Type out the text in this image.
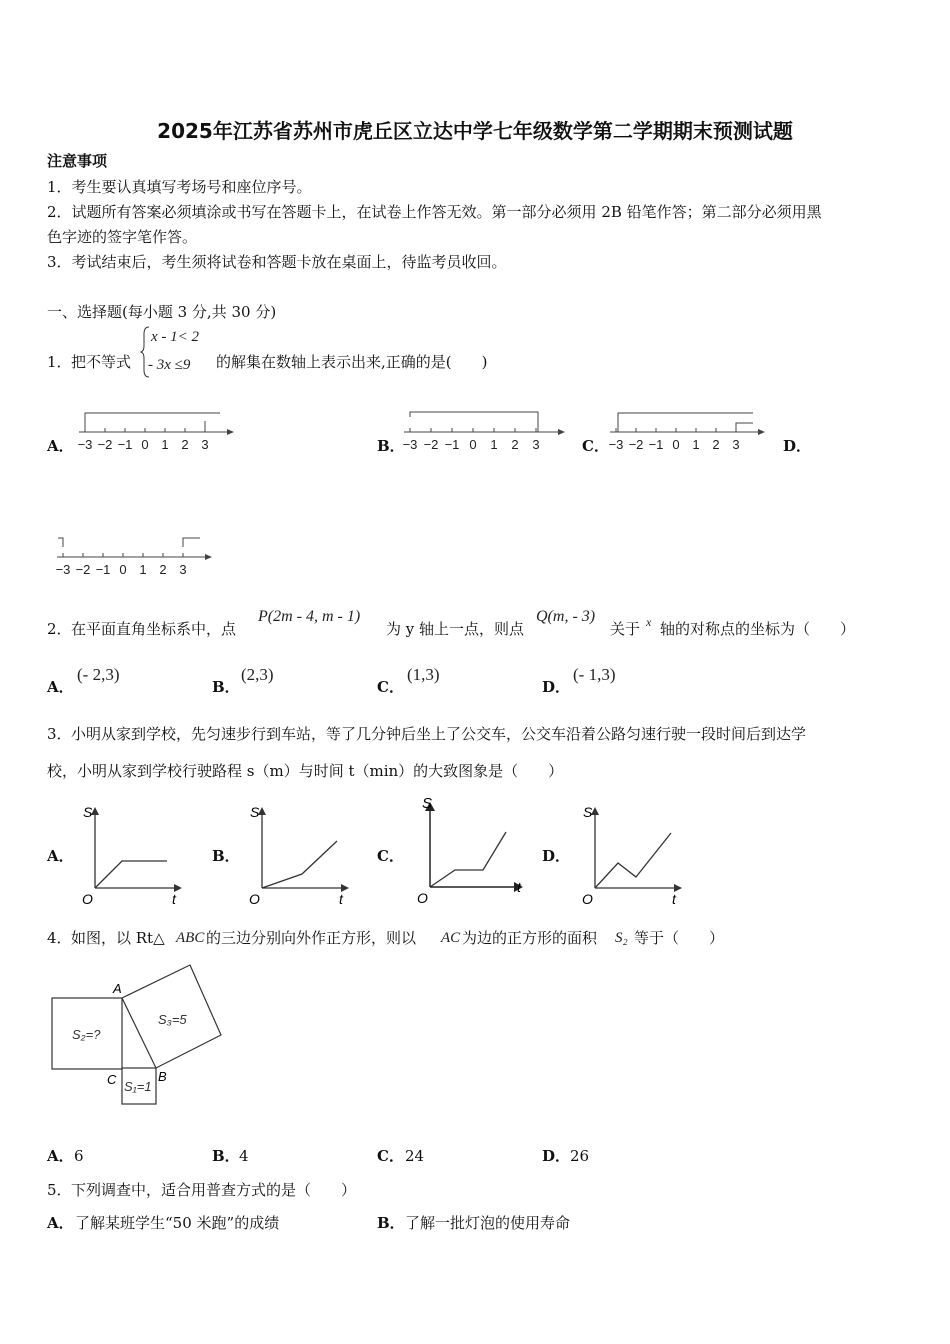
2025年江苏省苏州市虎丘区立达中学七年级数学第二学期期末预测试题
注意事项
1．考生要认真填写考场号和座位序号。
2．试题所有答案必须填涂或书写在答题卡上，在试卷上作答无效。第一部分必须用 2B 铅笔作答；第二部分必须用黑
色字迹的签字笔作答。
3．考试结束后，考生须将试卷和答题卡放在桌面上，待监考员收回。
一、选择题(每小题 3 分,共 30 分)
1． 把不等式
x - 1< 2
- 3x ≤9 的解集在数轴上表示出来,正确的是(　　)
A． −3 −2 −1 0 1 2 3	B．
−3 −2 −1 0 1 2 3	C． −3 −2 −1 0 1 2 3	D．
−3 −2 −1 0 1 2 3
2． 在平面直角坐标系中，点
P(2m - 4, m - 1)
为 y 轴上一点，则点
Q(m, - 3)
关于 x 轴的对称点的坐标为（　　）
A．
(- 2,3)
B．
(2,3)
C．
(1,3)
D．
(- 1,3)
3． 小明从家到学校，先匀速步行到车站，等了几分钟后坐上了公交车，公交车沿着公路匀速行驶一段时间后到达学
校，小明从家到学校行驶路程 s（m）与时间 t（min）的大致图象是（　　）
A．
O	t
S
B．
O	t
S
C．
O
t
S
D．
O	t
S
4． 如图，以 Rt△ ABC 的三边分别向外作正方形，则以 AC 为边的正方形的面积 S₂ 等于（　　）
A
B
C
S₂=?
S₁=1
S₃=5
A． 6	B． 4	C． 24	D． 26
5． 下列调查中，适合用普查方式的是（　　）
A． 了解某班学生“50 米跑”的成绩	B． 了解一批灯泡的使用寿命
